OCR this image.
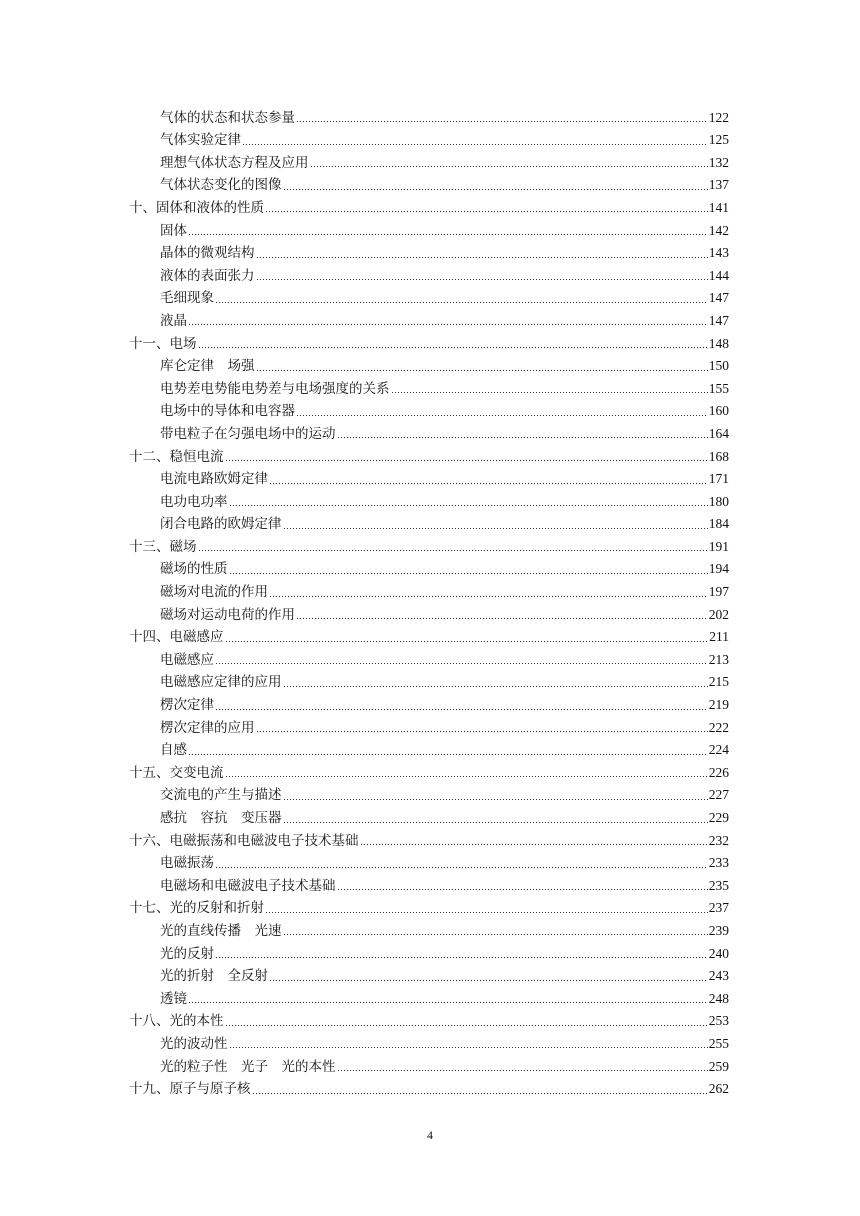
气体的状态和状态参量	122
气体实验定律	125
理想气体状态方程及应用	132
气体状态变化的图像	137
十、固体和液体的性质	141
固体	142
晶体的微观结构	143
液体的表面张力	144
毛细现象	147
液晶	147
十一、电场	148
库仑定律 场强	150
电势差电势能电势差与电场强度的关系	155
电场中的导体和电容器	160
带电粒子在匀强电场中的运动	164
十二、稳恒电流	168
电流电路欧姆定律	171
电功电功率	180
闭合电路的欧姆定律	184
十三、磁场	191
磁场的性质	194
磁场对电流的作用	197
磁场对运动电荷的作用	202
十四、电磁感应	211
电磁感应	213
电磁感应定律的应用	215
楞次定律	219
楞次定律的应用	222
自感	224
十五、交变电流	226
交流电的产生与描述	227
感抗 容抗 变压器	229
十六、电磁振荡和电磁波电子技术基础	232
电磁振荡	233
电磁场和电磁波电子技术基础	235
十七、光的反射和折射	237
光的直线传播 光速	239
光的反射	240
光的折射 全反射	243
透镜	248
十八、光的本性	253
光的波动性	255
光的粒子性 光子 光的本性	259
十九、原子与原子核	262
4
